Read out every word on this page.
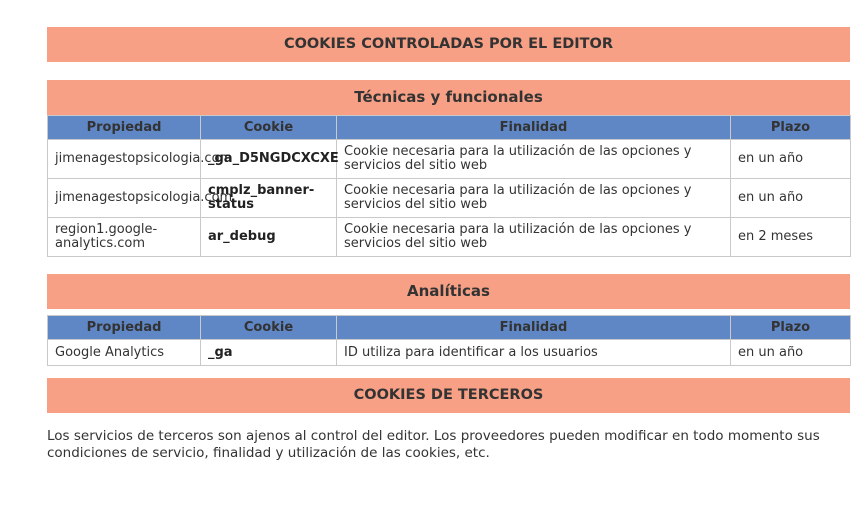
COOKIES CONTROLADAS POR EL EDITOR
Técnicas y funcionales
Propiedad	Cookie	Finalidad	Plazo
jimenagestopsicologia.com	_ga_D5NGDCXCXE	Cookie necesaria para la utilización de las opciones y servicios del sitio web	en un año
jimenagestopsicologia.com	cmplz_banner-status	Cookie necesaria para la utilización de las opciones y servicios del sitio web	en un año
region1.google-analytics.com	ar_debug	Cookie necesaria para la utilización de las opciones y servicios del sitio web	en 2 meses
Analíticas
Propiedad	Cookie	Finalidad	Plazo
Google Analytics	_ga	ID utiliza para identificar a los usuarios	en un año
COOKIES DE TERCEROS

Los servicios de terceros son ajenos al control del editor. Los proveedores pueden modificar en todo momento sus condiciones de servicio, finalidad y utilización de las cookies, etc.
